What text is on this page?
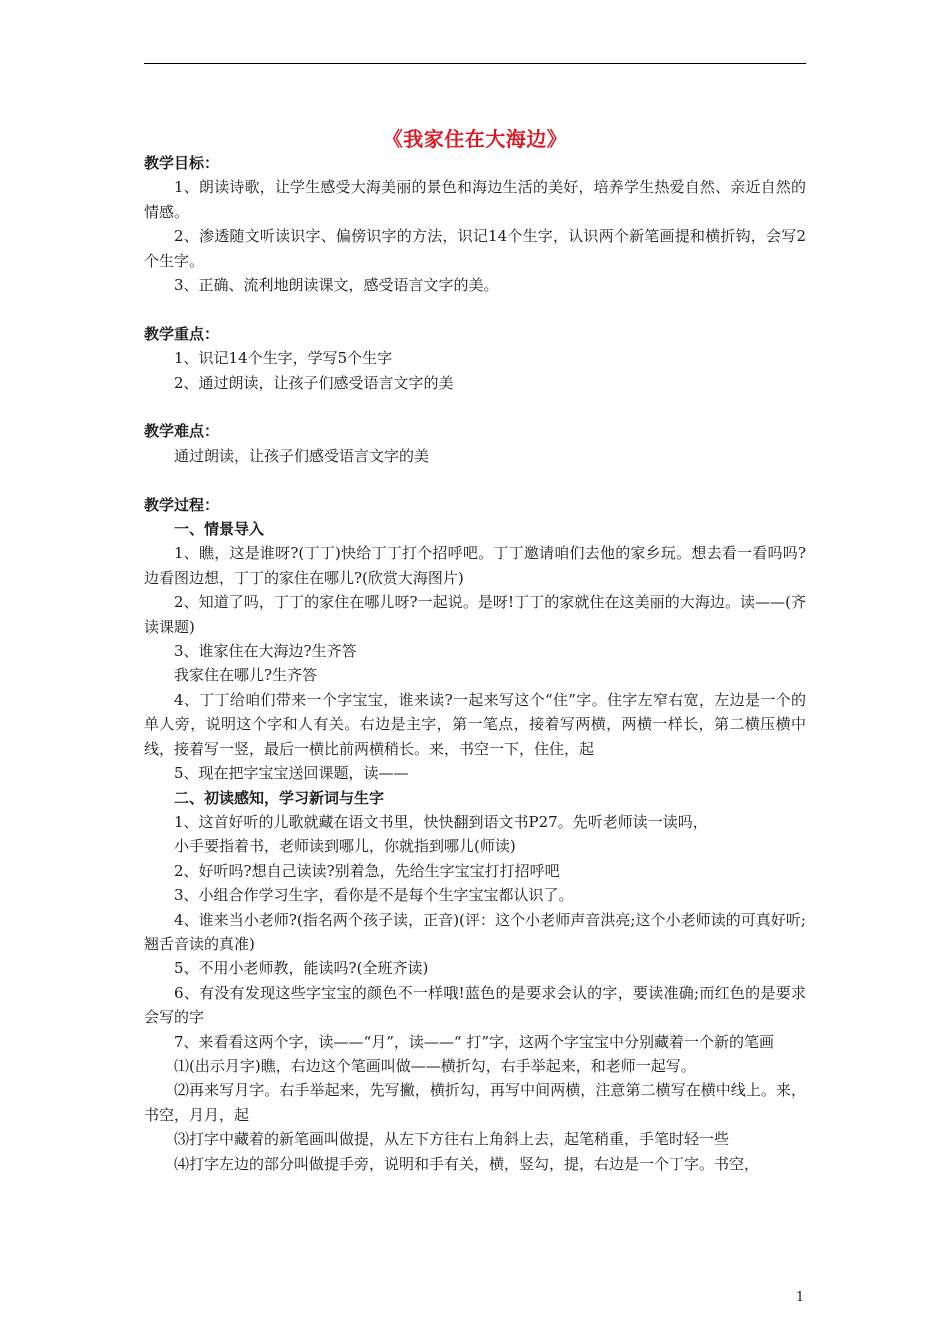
《我家住在大海边》
教学目标：
1、朗读诗歌，让学生感受大海美丽的景色和海边生活的美好，培养学生热爱自然、亲近自然的情感。
2、渗透随文听读识字、偏傍识字的方法，识记14个生字，认识两个新笔画提和横折钩，会写2个生字。
3、正确、流利地朗读课文，感受语言文字的美。
教学重点：
1、识记14个生字，学写5个生字
2、通过朗读，让孩子们感受语言文字的美
教学难点：
通过朗读，让孩子们感受语言文字的美
教学过程：
一、情景导入
1、瞧，这是谁呀?(丁丁)快给丁丁打个招呼吧。丁丁邀请咱们去他的家乡玩。想去看一看吗吗?边看图边想，丁丁的家住在哪儿?(欣赏大海图片)
2、知道了吗，丁丁的家住在哪儿呀?一起说。是呀!丁丁的家就住在这美丽的大海边。读——(齐读课题)
3、谁家住在大海边?生齐答
我家住在哪儿?生齐答
4、丁丁给咱们带来一个字宝宝，谁来读?一起来写这个“住”字。住字左窄右宽，左边是一个的单人旁，说明这个字和人有关。右边是主字，第一笔点，接着写两横，两横一样长，第二横压横中线，接着写一竖，最后一横比前两横稍长。来，书空一下，住住，起
5、现在把字宝宝送回课题，读——
二、初读感知，学习新词与生字
1、这首好听的儿歌就藏在语文书里，快快翻到语文书P27。先听老师读一读吗，
小手要指着书，老师读到哪儿，你就指到哪儿(师读)
2、好听吗?想自己读读?别着急，先给生字宝宝打打招呼吧
3、小组合作学习生字，看你是不是每个生字宝宝都认识了。
4、谁来当小老师?(指名两个孩子读，正音)(评：这个小老师声音洪亮;这个小老师读的可真好听;翘舌音读的真准)
5、不用小老师教，能读吗?(全班齐读)
6、有没有发现这些字宝宝的颜色不一样哦!蓝色的是要求会认的字，要读准确;而红色的是要求会写的字
7、来看看这两个字，读——“月”，读——“ 打”字，这两个字宝宝中分别藏着一个新的笔画
⑴(出示月字)瞧，右边这个笔画叫做——横折勾，右手举起来，和老师一起写。
⑵再来写月字。右手举起来，先写撇，横折勾，再写中间两横，注意第二横写在横中线上。来，书空，月月，起
⑶打字中藏着的新笔画叫做提，从左下方往右上角斜上去，起笔稍重，手笔时轻一些
⑷打字左边的部分叫做提手旁，说明和手有关，横，竖勾，提，右边是一个丁字。书空，
1
